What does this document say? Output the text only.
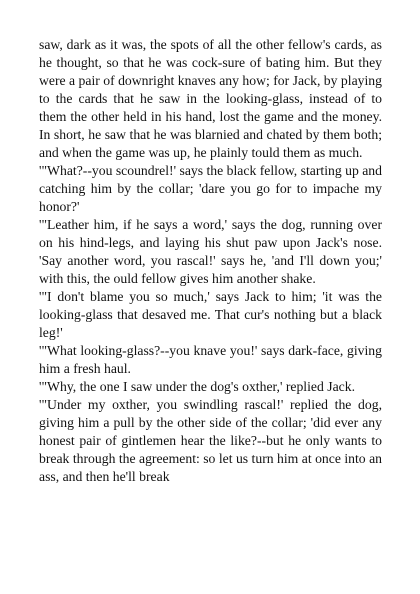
saw, dark as it was, the spots of all the other fellow's cards, as he thought, so that he was cock-sure of bating him. But they were a pair of downright knaves any how; for Jack, by playing to the cards that he saw in the looking-glass, instead of to them the other held in his hand, lost the game and the money. In short, he saw that he was blarnied and chated by them both; and when the game was up, he plainly tould them as much.

'"What?--you scoundrel!' says the black fellow, starting up and catching him by the collar; 'dare you go for to impache my honor?'

'"Leather him, if he says a word,' says the dog, running over on his hind-legs, and laying his shut paw upon Jack's nose. 'Say another word, you rascal!' says he, 'and I'll down you;' with this, the ould fellow gives him another shake.

'"I don't blame you so much,' says Jack to him; 'it was the looking-glass that desaved me. That cur's nothing but a black leg!'

'"What looking-glass?--you knave you!' says dark-face, giving him a fresh haul.

'"Why, the one I saw under the dog's oxther,' replied Jack.

'"Under my oxther, you swindling rascal!' replied the dog, giving him a pull by the other side of the collar; 'did ever any honest pair of gintlemen hear the like?--but he only wants to break through the agreement: so let us turn him at once into an ass, and then he'll break
